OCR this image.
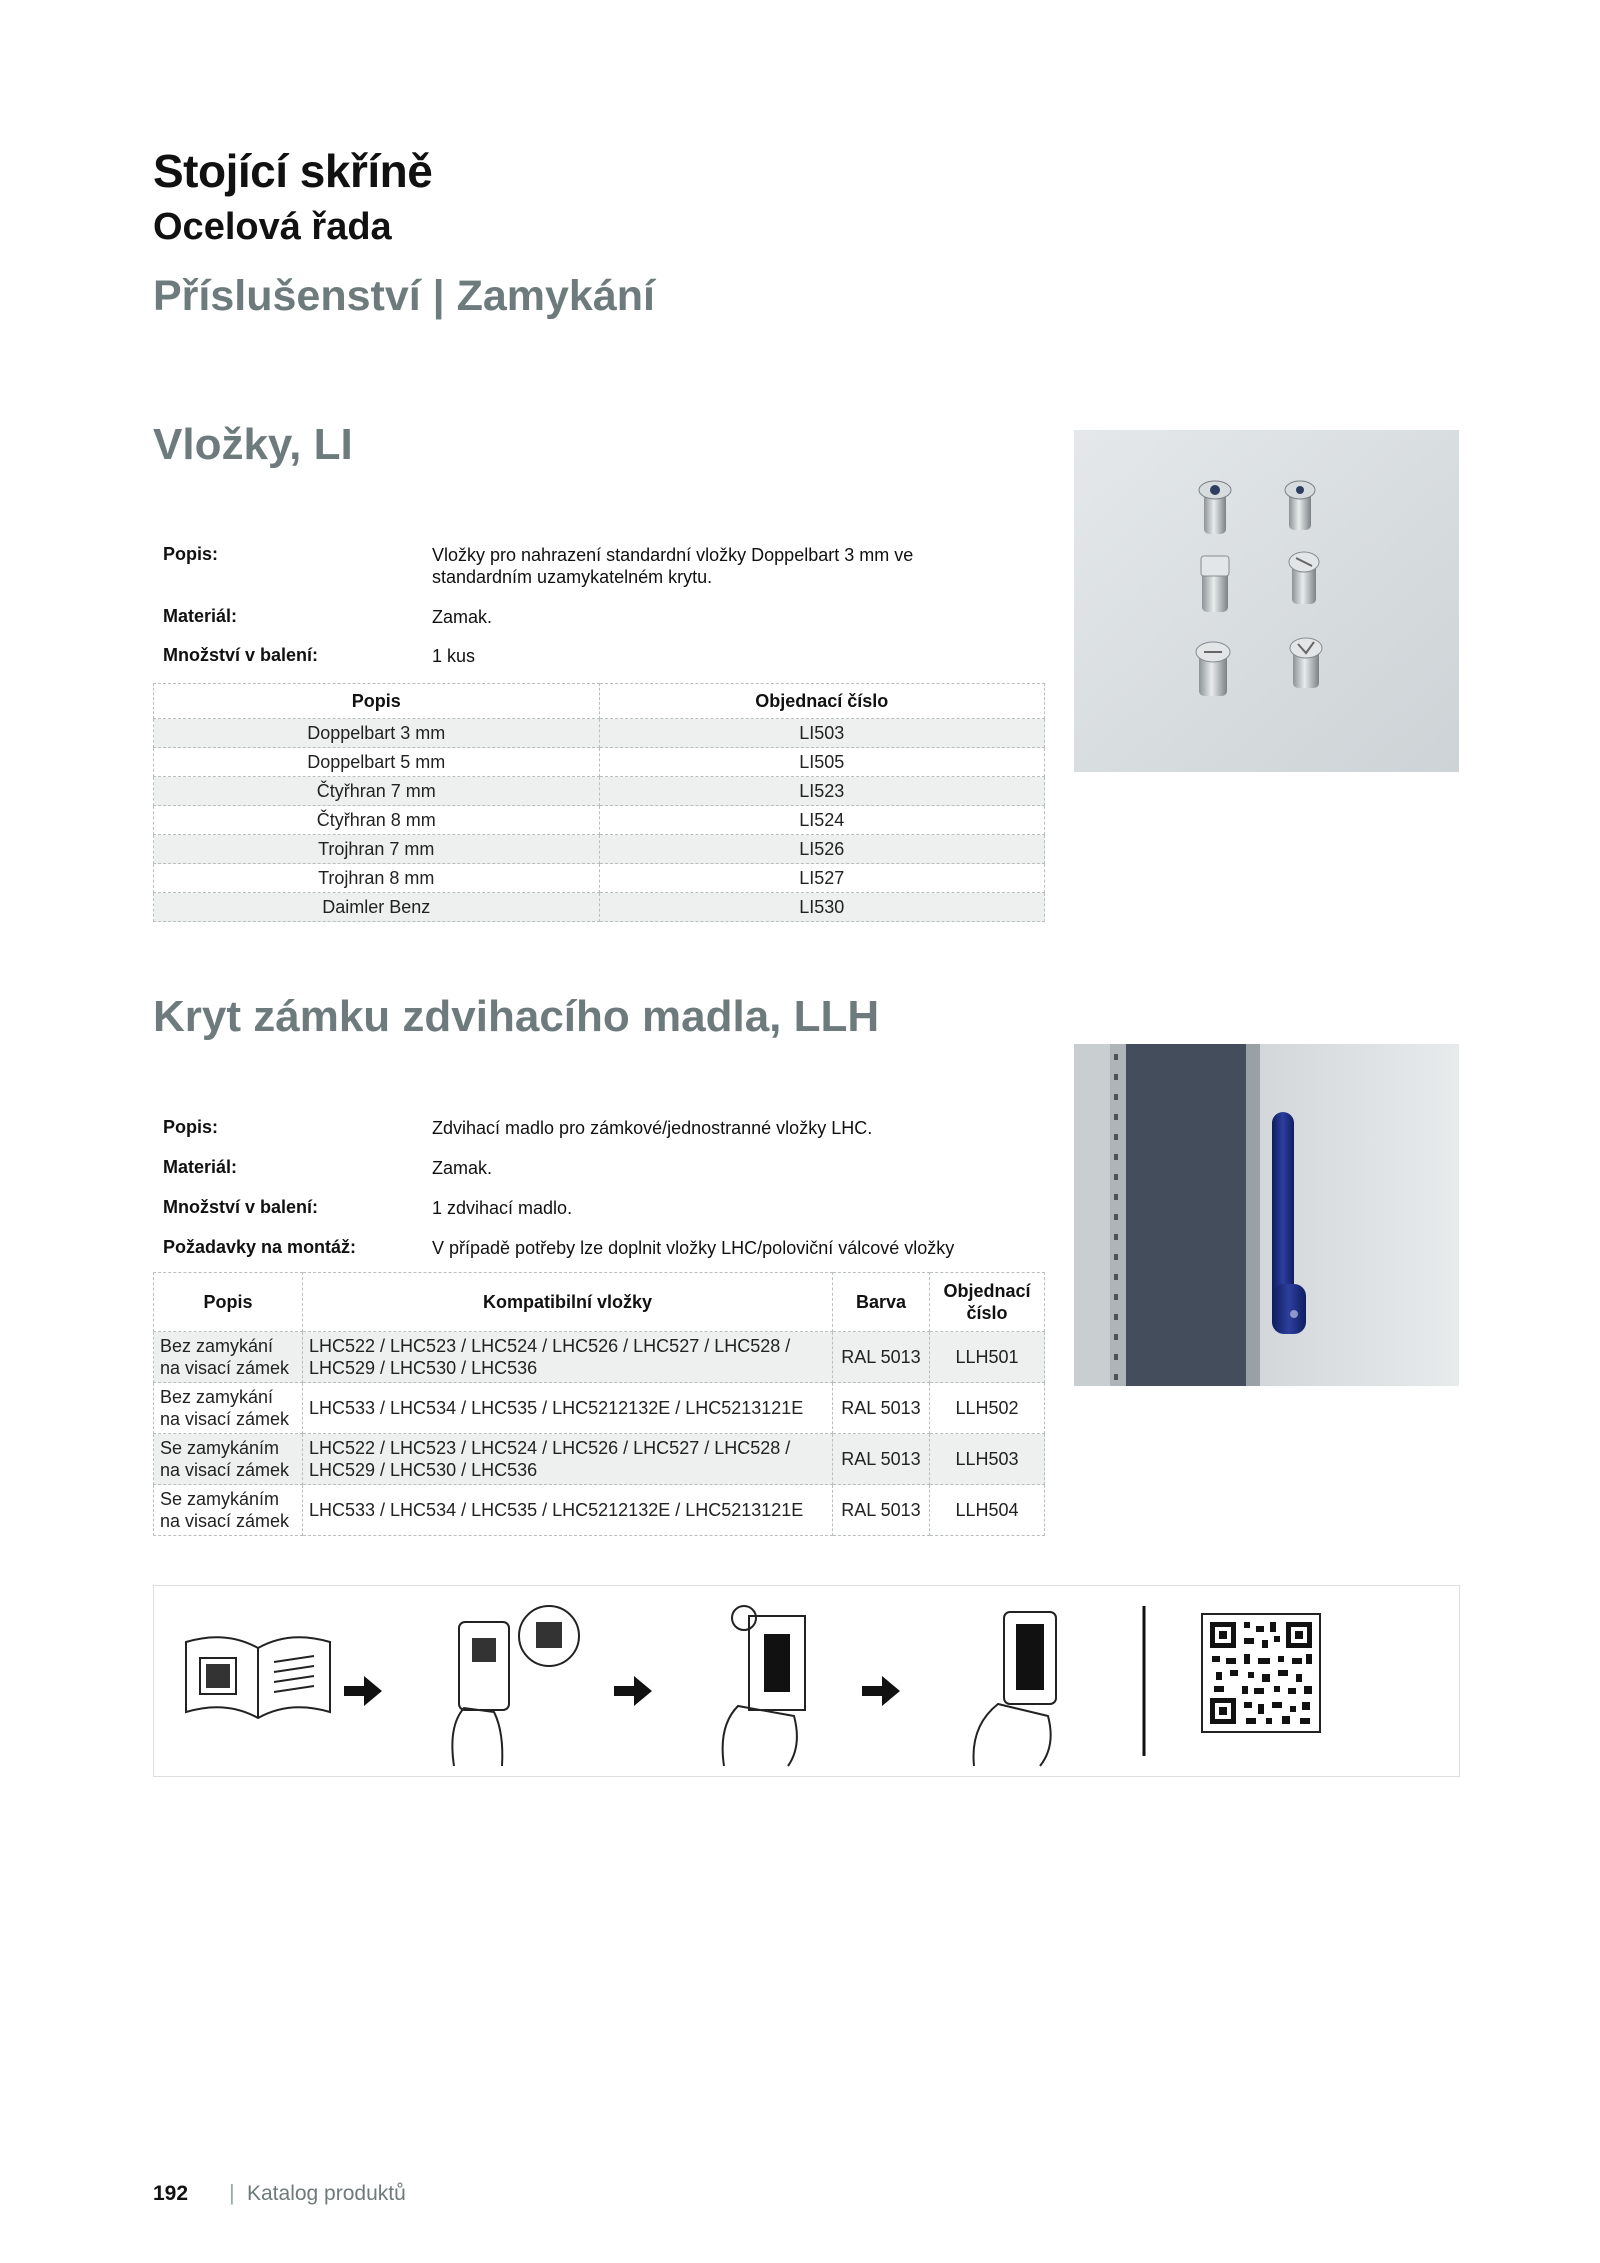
Stojící skříně
Ocelová řada
Příslušenství | Zamykání
Vložky, LI
Popis:	Vložky pro nahrazení standardní vložky Doppelbart 3 mm ve standardním uzamykatelném krytu.
Materiál:	Zamak.
Množství v balení:	1 kus
Popis	Objednací číslo
Doppelbart 3 mm	LI503
Doppelbart 5 mm	LI505
Čtyřhran 7 mm	LI523
Čtyřhran 8 mm	LI524
Trojhran 7 mm	LI526
Trojhran 8 mm	LI527
Daimler Benz	LI530
Kryt zámku zdvihacího madla, LLH
Popis:	Zdvihací madlo pro zámkové/jednostranné vložky LHC.
Materiál:	Zamak.
Množství v balení:	1 zdvihací madlo.
Požadavky na montáž:	V případě potřeby lze doplnit vložky LHC/poloviční válcové vložky
Popis	Kompatibilní vložky	Barva	Objednací číslo
Bez zamykání na visací zámek	LHC522 / LHC523 / LHC524 / LHC526 / LHC527 / LHC528 / LHC529 / LHC530 / LHC536	RAL 5013	LLH501
Bez zamykání na visací zámek	LHC533 / LHC534 / LHC535 / LHC5212132E / LHC5213121E	RAL 5013	LLH502
Se zamykáním na visací zámek	LHC522 / LHC523 / LHC524 / LHC526 / LHC527 / LHC528 / LHC529 / LHC530 / LHC536	RAL 5013	LLH503
Se zamykáním na visací zámek	LHC533 / LHC534 / LHC535 / LHC5212132E / LHC5213121E	RAL 5013	LLH504
192 | Katalog produktů
